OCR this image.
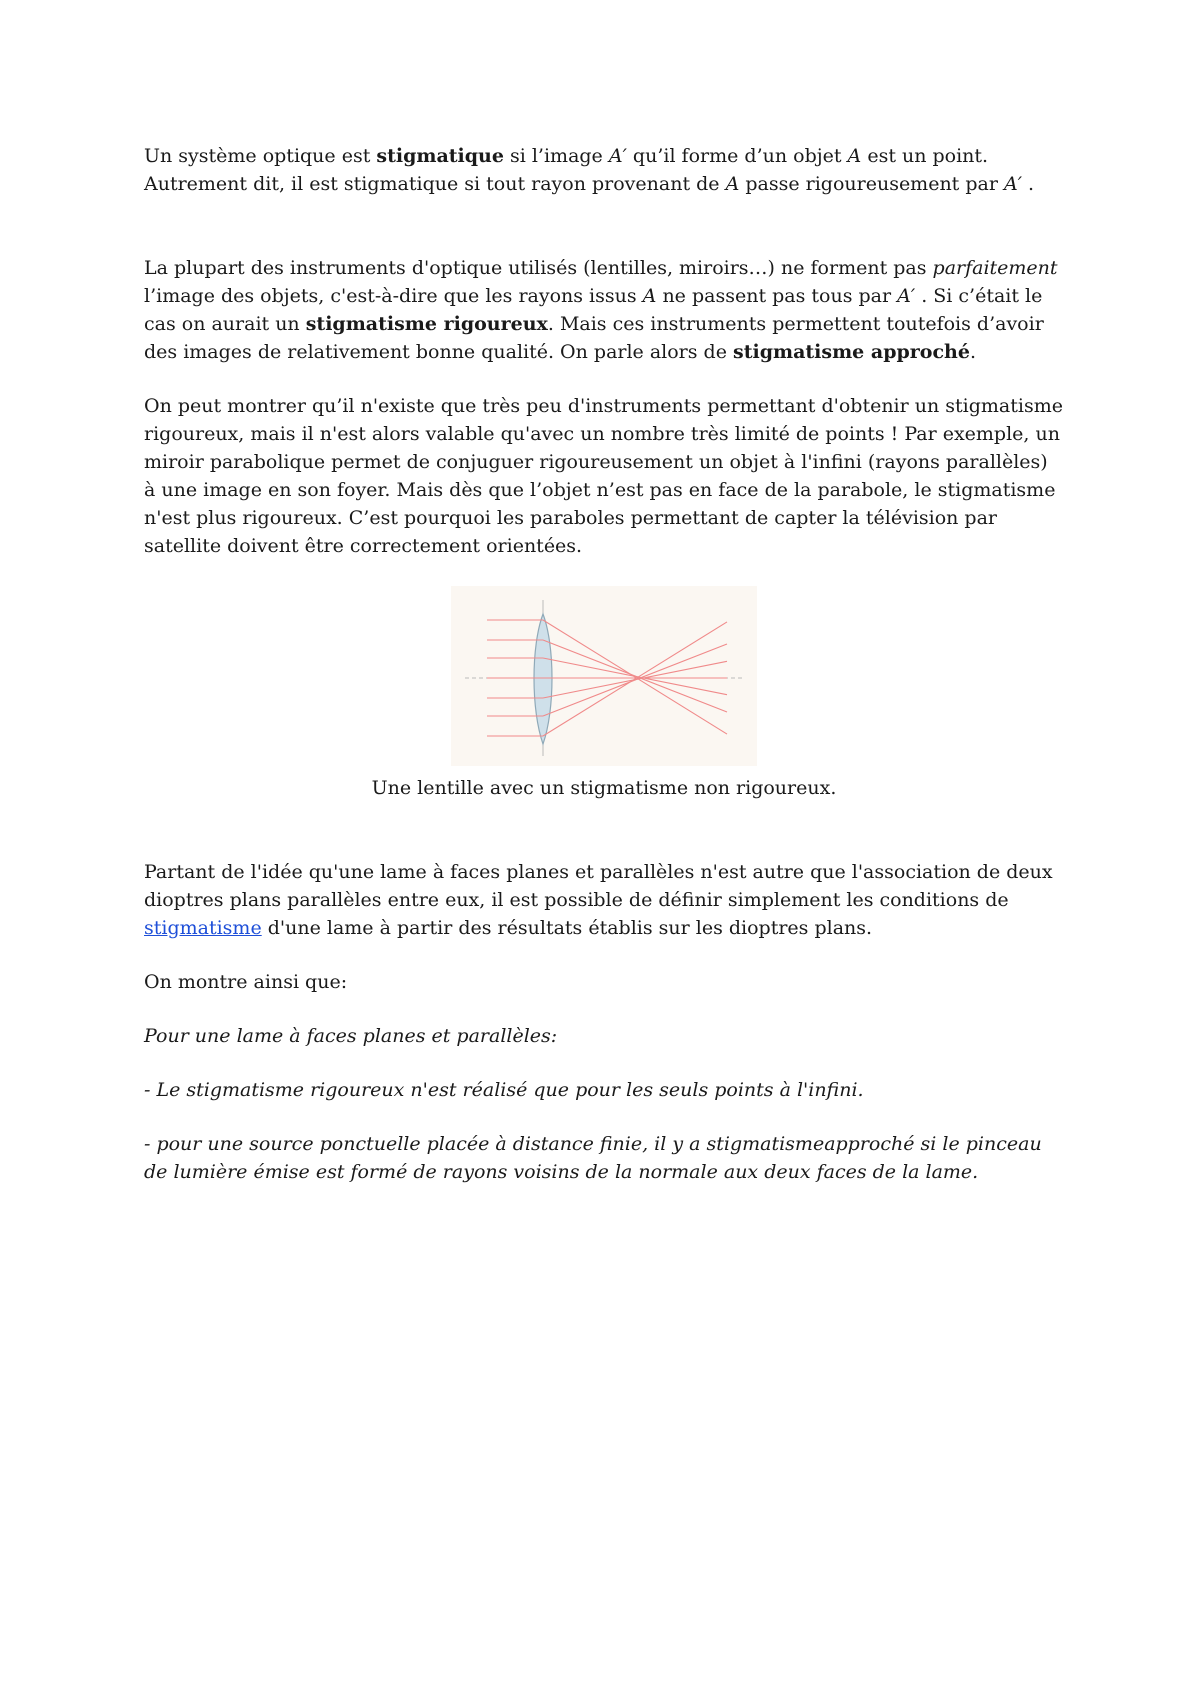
Un système optique est stigmatique si l’image A′ qu’il forme d’un objet A est un point. Autrement dit, il est stigmatique si tout rayon provenant de A passe rigoureusement par A′ .

La plupart des instruments d'optique utilisés (lentilles, miroirs…) ne forment pas parfaitement l’image des objets, c'est-à-dire que les rayons issus A ne passent pas tous par A′ . Si c’était le cas on aurait un stigmatisme rigoureux. Mais ces instruments permettent toutefois d’avoir des images de relativement bonne qualité. On parle alors de stigmatisme approché.

On peut montrer qu’il n'existe que très peu d'instruments permettant d'obtenir un stigmatisme rigoureux, mais il n'est alors valable qu'avec un nombre très limité de points ! Par exemple, un miroir parabolique permet de conjuguer rigoureusement un objet à l'infini (rayons parallèles) à une image en son foyer. Mais dès que l’objet n’est pas en face de la parabole, le stigmatisme n'est plus rigoureux. C’est pourquoi les paraboles permettant de capter la télévision par satellite doivent être correctement orientées.

Une lentille avec un stigmatisme non rigoureux.

Partant de l'idée qu'une lame à faces planes et parallèles n'est autre que l'association de deux dioptres plans parallèles entre eux, il est possible de définir simplement les conditions de stigmatisme d'une lame à partir des résultats établis sur les dioptres plans.

On montre ainsi que:

Pour une lame à faces planes et parallèles:

- Le stigmatisme rigoureux n'est réalisé que pour les seuls points à l'infini.

- pour une source ponctuelle placée à distance finie, il y a stigmatismeapproché si le pinceau de lumière émise est formé de rayons voisins de la normale aux deux faces de la lame.
